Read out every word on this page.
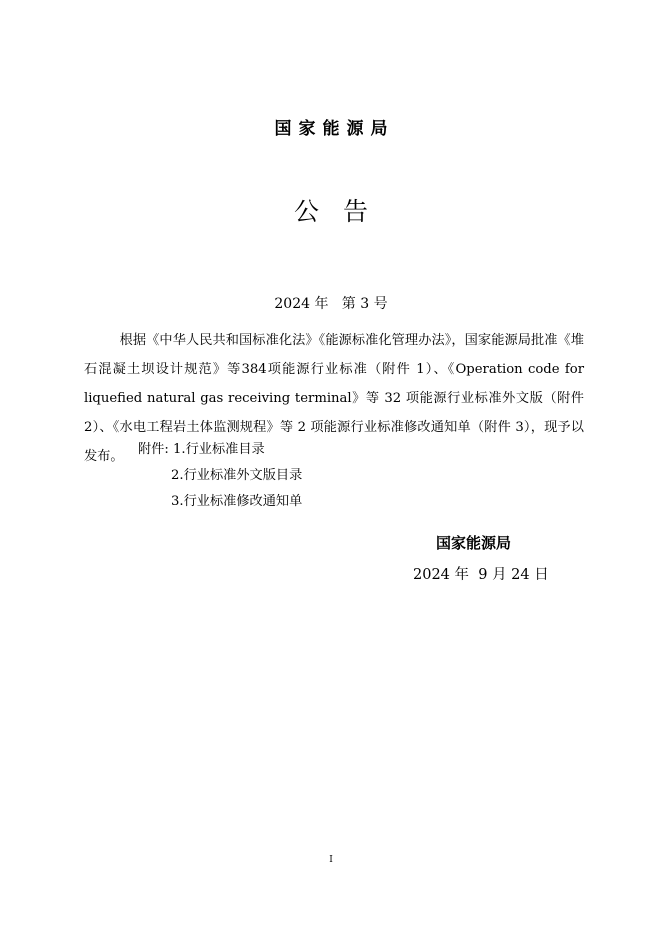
国家能源局
公告
2024 年   第 3 号

根据《中华人民共和国标准化法》《能源标准化管理办法》，国家能源局批准《堆石混凝土坝设计规范》等384项能源行业标准（附件 1）、《Operation code for liquefied natural gas receiving terminal》等 32 项能源行业标准外文版（附件 2）、《水电工程岩土体监测规程》等 2 项能源行业标准修改通知单（附件 3），现予以发布。	附件: 1.行业标准目录
2.行业标准外文版目录
3.行业标准修改通知单
国家能源局
2024 年  9 月 24 日
I
